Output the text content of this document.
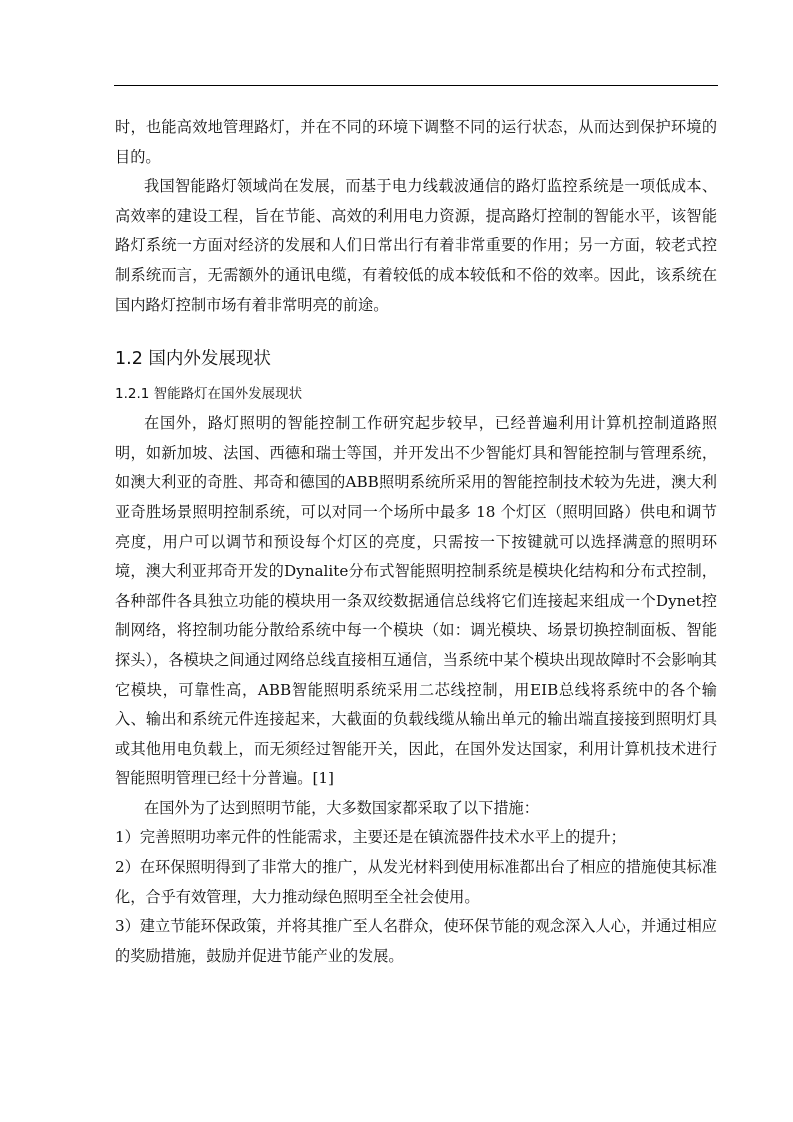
时，也能高效地管理路灯，并在不同的环境下调整不同的运行状态，从而达到保护环境的目的。

我国智能路灯领域尚在发展，而基于电力线载波通信的路灯监控系统是一项低成本、高效率的建设工程，旨在节能、高效的利用电力资源，提高路灯控制的智能水平，该智能路灯系统一方面对经济的发展和人们日常出行有着非常重要的作用；另一方面，较老式控制系统而言，无需额外的通讯电缆，有着较低的成本较低和不俗的效率。因此，该系统在国内路灯控制市场有着非常明亮的前途。

1.2 国内外发展现状
1.2.1 智能路灯在国外发展现状

在国外，路灯照明的智能控制工作研究起步较早，已经普遍利用计算机控制道路照明，如新加坡、法国、西德和瑞士等国，并开发出不少智能灯具和智能控制与管理系统，如澳大利亚的奇胜、邦奇和德国的ABB照明系统所采用的智能控制技术较为先进，澳大利亚奇胜场景照明控制系统，可以对同一个场所中最多 18 个灯区（照明回路）供电和调节亮度，用户可以调节和预设每个灯区的亮度，只需按一下按键就可以选择满意的照明环境，澳大利亚邦奇开发的Dynalite分布式智能照明控制系统是模块化结构和分布式控制，各种部件各具独立功能的模块用一条双绞数据通信总线将它们连接起来组成一个Dynet控制网络，将控制功能分散给系统中每一个模块（如：调光模块、场景切换控制面板、智能探头），各模块之间通过网络总线直接相互通信，当系统中某个模块出现故障时不会影响其它模块，可靠性高，ABB智能照明系统采用二芯线控制，用EIB总线将系统中的各个输入、输出和系统元件连接起来，大截面的负载线缆从输出单元的输出端直接接到照明灯具或其他用电负载上，而无须经过智能开关，因此，在国外发达国家，利用计算机技术进行智能照明管理已经十分普遍。[1]

在国外为了达到照明节能，大多数国家都采取了以下措施：

1）完善照明功率元件的性能需求，主要还是在镇流器件技术水平上的提升；

2）在环保照明得到了非常大的推广，从发光材料到使用标准都出台了相应的措施使其标准化，合乎有效管理，大力推动绿色照明至全社会使用。

3）建立节能环保政策，并将其推广至人名群众，使环保节能的观念深入人心，并通过相应的奖励措施，鼓励并促进节能产业的发展。
